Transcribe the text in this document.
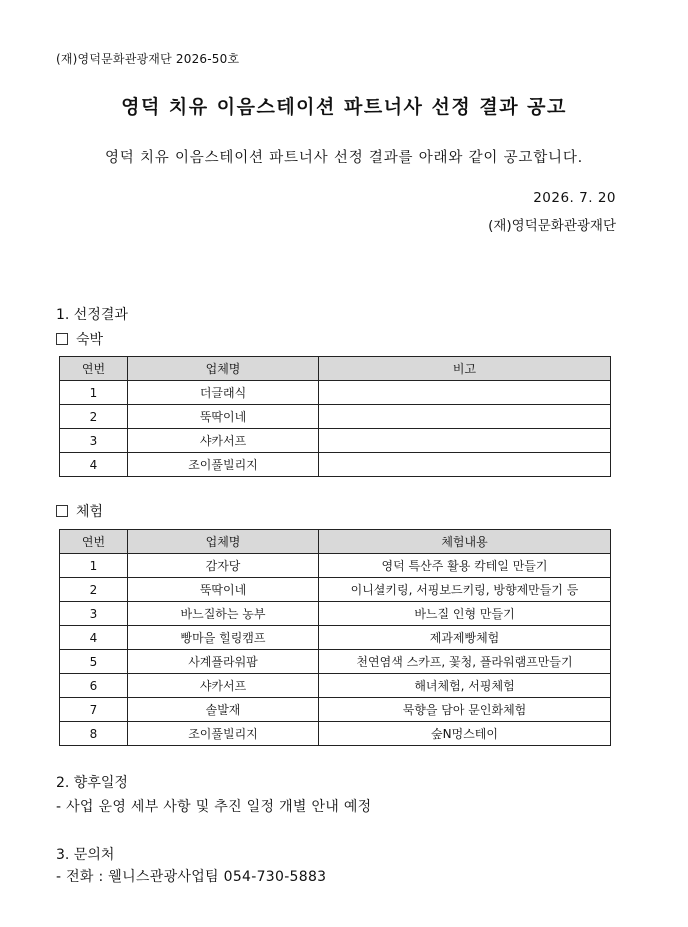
(재)영덕문화관광재단 2026-50호
영덕 치유 이음스테이션 파트너사 선정 결과 공고
영덕 치유 이음스테이션 파트너사 선정 결과를 아래와 같이 공고합니다.
2026. 7. 20
(재)영덕문화관광재단
1. 선정결과
숙박
연번	업체명	비고
1	더글래식	
2	뚝딱이네	
3	샤카서프	
4	조이풀빌리지	
체험
연번	업체명	체험내용
1	감자당	영덕 특산주 활용 칵테일 만들기
2	뚝딱이네	이니셜키링, 서핑보드키링, 방향제만들기 등
3	바느질하는 농부	바느질 인형 만들기
4	빵마을 힐링캠프	제과제빵체험
5	사계플라워팜	천연염색 스카프, 꽃청, 플라워램프만들기
6	샤카서프	해녀체험, 서핑체험
7	솔발재	묵향을 담아 문인화체험
8	조이풀빌리지	숲N멍스테이
2. 향후일정
- 사업 운영 세부 사항 및 추진 일정 개별 안내 예정
3. 문의처
- 전화 : 웰니스관광사업팀 054-730-5883
